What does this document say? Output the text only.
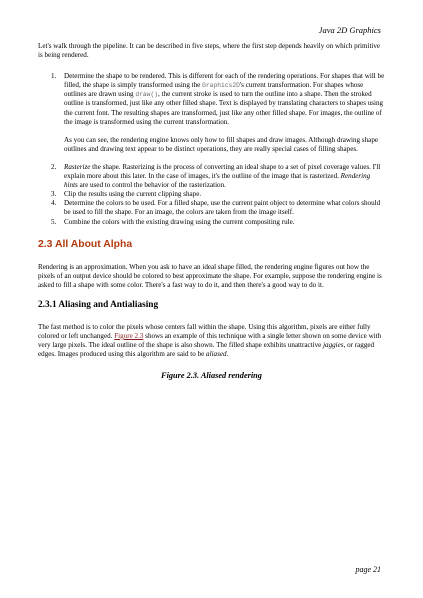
Java 2D Graphics

Let's walk through the pipeline. It can be described in five steps, where the first step depends heavily on which primitive is being rendered.

1. Determine the shape to be rendered. This is different for each of the rendering operations. For shapes that will be filled, the shape is simply transformed using the Graphics2D's current transformation. For shapes whose outlines are drawn using draw(), the current stroke is used to turn the outline into a shape. Then the stroked outline is transformed, just like any other filled shape. Text is displayed by translating characters to shapes using the current font. The resulting shapes are transformed, just like any other filled shape. For images, the outline of the image is transformed using the current transformation.

As you can see, the rendering engine knows only how to fill shapes and draw images. Although drawing shape outlines and drawing text appear to be distinct operations, they are really special cases of filling shapes.

2. Rasterize the shape. Rasterizing is the process of converting an ideal shape to a set of pixel coverage values. I'll explain more about this later. In the case of images, it's the outline of the image that is rasterized. Rendering hints are used to control the behavior of the rasterization.

3. Clip the results using the current clipping shape.

4. Determine the colors to be used. For a filled shape, use the current paint object to determine what colors should be used to fill the shape. For an image, the colors are taken from the image itself.

5. Combine the colors with the existing drawing using the current compositing rule.

2.3 All About Alpha

Rendering is an approximation. When you ask to have an ideal shape filled, the rendering engine figures out how the pixels of an output device should be colored to best approximate the shape. For example, suppose the rendering engine is asked to fill a shape with some color. There's a fast way to do it, and then there's a good way to do it.

2.3.1 Aliasing and Antialiasing

The fast method is to color the pixels whose centers fall within the shape. Using this algorithm, pixels are either fully colored or left unchanged. Figure 2.3 shows an example of this technique with a single letter shown on some device with very large pixels. The ideal outline of the shape is also shown. The filled shape exhibits unattractive jaggies, or ragged edges. Images produced using this algorithm are said to be aliased.

Figure 2.3. Aliased rendering

page 21
